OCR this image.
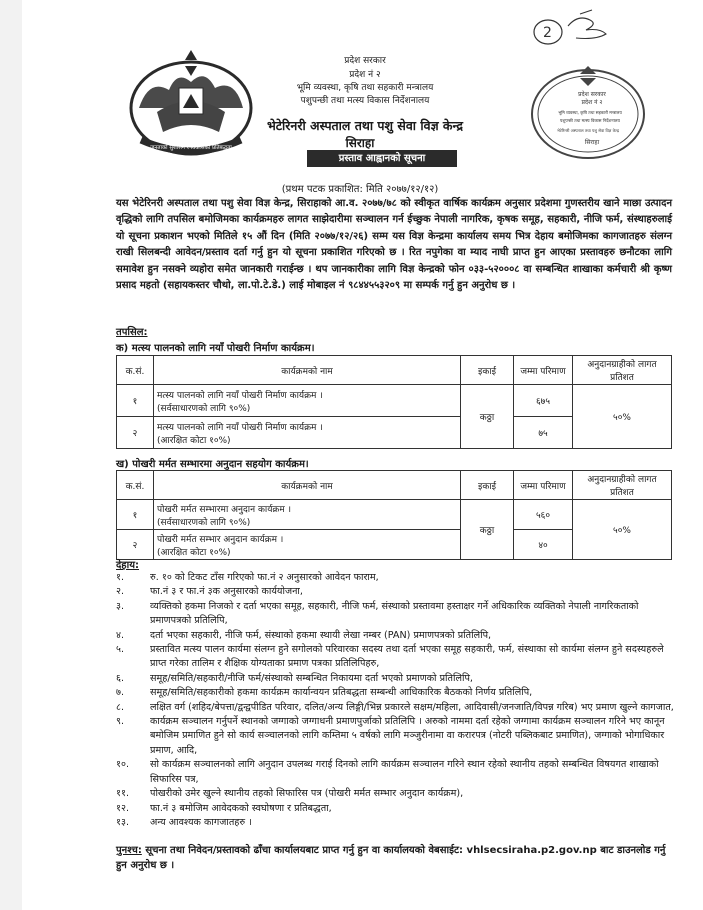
2
जनताको सुशासन र विकासको प्रतिबद्धता
प्रदेश सरकार
प्रदेश नं २
भूमि व्यवस्था, कृषि तथा सहकारी मन्त्रालय
पशुपन्छी तथा मत्स्य विकास निर्देशनालय
भेटेरिनरी अस्पताल तथा पशु सेवा विज्ञ केन्द्र
सिराहा
प्रदेश सरकार
प्रदेश नं २
भूमि व्यवस्था, कृषि तथा सहकारी मन्त्रालय
पशुपन्छी तथा मत्स्य विकास निर्देशनालय
भेटेरिनरी अस्पताल तथा पशु सेवा विज्ञ केन्द्र
सिराहा
प्रस्ताव आह्वानको सूचना
(प्रथम पटक प्रकाशित: मिति २०७७/१२/१२)
यस भेटेरिनरी अस्पताल तथा पशु सेवा विज्ञ केन्द्र, सिराहाको आ.व. २०७७/७८ को स्वीकृत वार्षिक कार्यक्रम अनुसार प्रदेशमा गुणस्तरीय खाने माछा उत्पादन वृद्धिको लागि तपसिल बमोजिमका कार्यक्रमहरु लागत साझेदारीमा सञ्चालन गर्न ईच्छुक नेपाली नागरिक, कृषक समूह, सहकारी, नीजि फर्म, संस्थाहरुलाई यो सूचना प्रकाशन भएको मितिले १५ औं दिन (मिति २०७७/१२/२६) सम्म यस विज्ञ केन्द्रमा कार्यालय समय भित्र देहाय बमोजिमका कागजातहरु संलग्न राखी सिलबन्दी आवेदन/प्रस्ताव दर्ता गर्नु हुन यो सूचना प्रकाशित गरिएको छ । रित नपुगेका वा म्याद नाघी प्राप्त हुन आएका प्रस्तावहरु छनौटका लागि समावेश हुन नसक्ने व्यहोरा समेत जानकारी गराईन्छ । थप जानकारीका लागि विज्ञ केन्द्रको फोन ०३३-५२०००८ वा सम्बन्धित शाखाका कर्मचारी श्री कृष्ण प्रसाद महतो (सहायकस्तर चौथो, ला.पो.टे.डे.) लाई मोबाइल नं ९८४४५५३२०९ मा सम्पर्क गर्नु हुन अनुरोध छ ।
तपसिल:
क) मत्स्य पालनको लागि नयाँ पोखरी निर्माण कार्यक्रम।
क.सं.	कार्यक्रमको नाम	इकाई	जम्मा परिमाण	अनुदानग्राहीको लागत प्रतिशत
१	मत्स्य पालनको लागि नयाँ पोखरी निर्माण कार्यक्रम ।
(सर्वसाधारणको लागि ९०%)	कठ्ठा	६७५	५०%
२	मत्स्य पालनको लागि नयाँ पोखरी निर्माण कार्यक्रम ।
(आरक्षित कोटा १०%)		७५	
ख) पोखरी मर्मत सम्भारमा अनुदान सहयोग कार्यक्रम।
क.सं.	कार्यक्रमको नाम	इकाई	जम्मा परिमाण	अनुदानग्राहीको लागत प्रतिशत
१	पोखरी मर्मत सम्भारमा अनुदान कार्यक्रम ।
(सर्वसाधारणको लागि ९०%)	कठ्ठा	५६०	५०%
२	पोखरी मर्मत सम्भार अनुदान कार्यक्रम ।
(आरक्षित कोटा १०%)		४०	
देहाय:
१.	रु. १० को टिकट टाँस गरिएको फा.नं २ अनुसारको आवेदन फाराम,
२.	फा.नं ३ र फा.नं ३क अनुसारको कार्ययोजना,
३.	व्यक्तिको हकमा निजको र दर्ता भएका समूह, सहकारी, नीजि फर्म, संस्थाको प्रस्तावमा हस्ताक्षर गर्ने अधिकारिक व्यक्तिको नेपाली नागरिकताको प्रमाणपत्रको प्रतिलिपि,
४.	दर्ता भएका सहकारी, नीजि फर्म, संस्थाको हकमा स्थायी लेखा नम्बर (PAN) प्रमाणपत्रको प्रतिलिपि,
५.	प्रस्तावित मत्स्य पालन कार्यमा संलग्न हुने सगोलको परिवारका सदस्य तथा दर्ता भएका समूह सहकारी, फर्म, संस्थाका सो कार्यमा संलग्न हुने सदस्यहरुले प्राप्त गरेका तालिम र शैक्षिक योग्यताका प्रमाण पत्रका प्रतिलिपिहरु,
६.	समूह/समिति/सहकारी/नीजि फर्म/संस्थाको सम्बन्धित निकायमा दर्ता भएको प्रमाणको प्रतिलिपि,
७.	समूह/समिति/सहकारीको हकमा कार्यक्रम कार्यान्वयन प्रतिबद्धता सम्बन्धी आधिकारिक बैठकको निर्णय प्रतिलिपि,
८.	लक्षित वर्ग (शहिद/बेपत्ता/द्वन्द्वपीडित परिवार, दलित/अन्य लिङ्गी/भिन्न प्रकारले सक्षम/महिला, आदिवासी/जनजाति/विपन्न गरिब) भए प्रमाण खुल्ने कागजात,
९.	कार्यक्रम सञ्चालन गर्नुपर्ने स्थानको जग्गाको जग्गाधनी प्रमाणपुर्जाको प्रतिलिपि । अरुको नाममा दर्ता रहेको जग्गामा कार्यक्रम सञ्चालन गरिने भए कानून बमोजिम प्रमाणित हुने सो कार्य सञ्चालनको लागि कम्तिमा ५ वर्षको लागि मञ्जुरीनामा वा करारपत्र (नोटरी पब्लिकबाट प्रमाणित), जग्गाको भोगाधिकार प्रमाण, आदि,
१०.	सो कार्यक्रम सञ्चालनको लागि अनुदान उपलब्ध गराई दिनको लागि कार्यक्रम सञ्चालन गरिने स्थान रहेको स्थानीय तहको सम्बन्धित विषयगत शाखाको सिफारिस पत्र,
११.	पोखरीको उमेर खुल्ने स्थानीय तहको सिफारिस पत्र (पोखरी मर्मत सम्भार अनुदान कार्यक्रम),
१२.	फा.नं ३ बमोजिम आवेदकको स्वघोषणा र प्रतिबद्धता,
१३.	अन्य आवश्यक कागजातहरु ।
पुनश्च: सूचना तथा निवेदन/प्रस्तावको ढाँचा कार्यालयबाट प्राप्त गर्नु हुन वा कार्यालयको वेबसाईट: vhlsecsiraha.p2.gov.np बाट डाउनलोड गर्नु हुन अनुरोध छ ।
